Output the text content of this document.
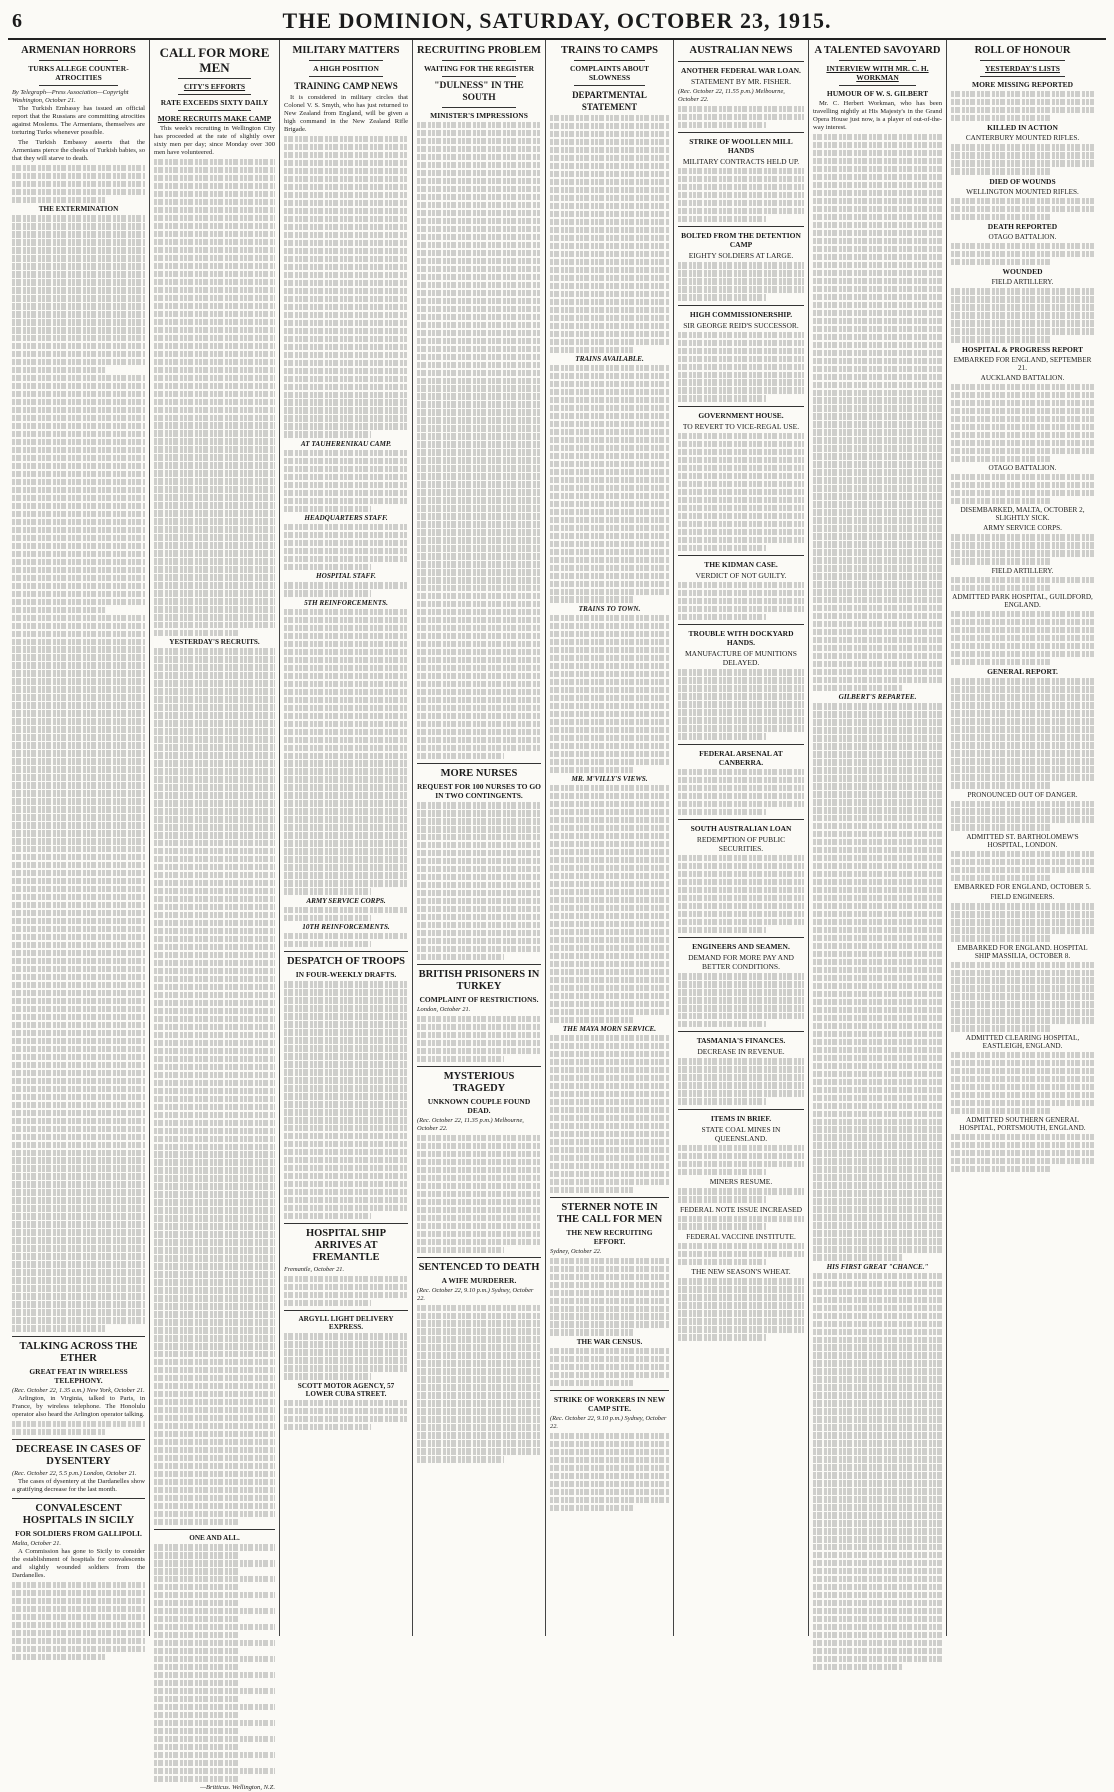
6	THE DOMINION, SATURDAY, OCTOBER 23, 1915.
ARMENIAN HORRORS
TURKS ALLEGE COUNTER-ATROCITIES
By Telegraph—Press Association—Copyright Washington, October 21.

The Turkish Embassy has issued an official report that the Russians are committing atrocities against Moslems. The Armenians, themselves are torturing Turks whenever possible.

The Turkish Embassy asserts that the Armenians pierce the cheeks of Turkish babies, so that they will starve to death.

THE EXTERMINATION
TALKING ACROSS THE ETHER
GREAT FEAT IN WIRELESS TELEPHONY.
(Rec. October 22, 1.35 a.m.) New York, October 21.

Arlington, in Virginia, talked to Paris, in France, by wireless telephone. The Honolulu operator also heard the Arlington operator talking.

DECREASE IN CASES OF DYSENTERY
(Rec. October 22, 5.5 p.m.) London, October 21.

The cases of dysentery at the Dardanelles show a gratifying decrease for the last month.

CONVALESCENT HOSPITALS IN SICILY
FOR SOLDIERS FROM GALLIPOLI.
Malta, October 21.

A Commission has gone to Sicily to consider the establishment of hospitals for convalescents and slightly wounded soldiers from the Dardanelles.

CALL FOR MORE MEN
CITY'S EFFORTS
RATE EXCEEDS SIXTY DAILY
MORE RECRUITS MAKE CAMP

This week's recruiting in Wellington City has proceeded at the rate of slightly over sixty men per day; since Monday over 300 men have volunteered.

YESTERDAY'S RECRUITS.
ONE AND ALL.
—Britticus. Wellington, N.Z.
MILITARY MATTERS
A HIGH POSITION
TRAINING CAMP NEWS

It is considered in military circles that Colonel V. S. Smyth, who has just returned to New Zealand from England, will be given a high command in the New Zealand Rifle Brigade.

AT TAUHERENIKAU CAMP.
HEADQUARTERS STAFF.
HOSPITAL STAFF.
5TH REINFORCEMENTS.
ARMY SERVICE CORPS.
10TH REINFORCEMENTS.
DESPATCH OF TROOPS
IN FOUR-WEEKLY DRAFTS.
HOSPITAL SHIP ARRIVES AT FREMANTLE
Fremantle, October 21.
ARGYLL LIGHT DELIVERY EXPRESS.
SCOTT MOTOR AGENCY, 57 LOWER CUBA STREET.
RECRUITING PROBLEM
WAITING FOR THE REGISTER
"DULNESS" IN THE SOUTH
MINISTER'S IMPRESSIONS
MORE NURSES
REQUEST FOR 100 NURSES TO GO IN TWO CONTINGENTS.
BRITISH PRISONERS IN TURKEY
COMPLAINT OF RESTRICTIONS.
London, October 21.
MYSTERIOUS TRAGEDY
UNKNOWN COUPLE FOUND DEAD.
(Rec. October 22, 11.35 p.m.) Melbourne, October 22.
SENTENCED TO DEATH
A WIFE MURDERER.
(Rec. October 22, 9.10 p.m.) Sydney, October 22.
TRAINS TO CAMPS
COMPLAINTS ABOUT SLOWNESS
DEPARTMENTAL STATEMENT
TRAINS AVAILABLE.
TRAINS TO TOWN.
MR. M'VILLY'S VIEWS.
THE MAYA MORN SERVICE.
STERNER NOTE IN THE CALL FOR MEN
THE NEW RECRUITING EFFORT.
Sydney, October 22.
THE WAR CENSUS.
STRIKE OF WORKERS IN NEW CAMP SITE.
(Rec. October 22, 9.10 p.m.) Sydney, October 22.
AUSTRALIAN NEWS
ANOTHER FEDERAL WAR LOAN.
STATEMENT BY MR. FISHER.
(Rec. October 22, 11.55 p.m.) Melbourne, October 22.
STRIKE OF WOOLLEN MILL HANDS
MILITARY CONTRACTS HELD UP.
BOLTED FROM THE DETENTION CAMP
EIGHTY SOLDIERS AT LARGE.
HIGH COMMISSIONERSHIP.
SIR GEORGE REID'S SUCCESSOR.
GOVERNMENT HOUSE.
TO REVERT TO VICE-REGAL USE.
THE KIDMAN CASE.
VERDICT OF NOT GUILTY.
TROUBLE WITH DOCKYARD HANDS.
MANUFACTURE OF MUNITIONS DELAYED.
FEDERAL ARSENAL AT CANBERRA.
SOUTH AUSTRALIAN LOAN
REDEMPTION OF PUBLIC SECURITIES.
ENGINEERS AND SEAMEN.
DEMAND FOR MORE PAY AND BETTER CONDITIONS.
TASMANIA'S FINANCES.
DECREASE IN REVENUE.
ITEMS IN BRIEF.
STATE COAL MINES IN QUEENSLAND.
MINERS RESUME.
FEDERAL NOTE ISSUE INCREASED
FEDERAL VACCINE INSTITUTE.
THE NEW SEASON'S WHEAT.
A TALENTED SAVOYARD
INTERVIEW WITH MR. C. H. WORKMAN
HUMOUR OF W. S. GILBERT

Mr. C. Herbert Workman, who has been travelling nightly at His Majesty's in the Grand Opera House just now, is a player of out-of-the-way interest.

GILBERT'S REPARTEE.
HIS FIRST GREAT "CHANCE."
ROLL OF HONOUR
YESTERDAY'S LISTS
MORE MISSING REPORTED
KILLED IN ACTION
CANTERBURY MOUNTED RIFLES.
DIED OF WOUNDS
WELLINGTON MOUNTED RIFLES.
DEATH REPORTED
OTAGO BATTALION.
WOUNDED
FIELD ARTILLERY.
HOSPITAL & PROGRESS REPORT
EMBARKED FOR ENGLAND, SEPTEMBER 21.
AUCKLAND BATTALION.
OTAGO BATTALION.
DISEMBARKED, MALTA, OCTOBER 2, SLIGHTLY SICK.
ARMY SERVICE CORPS.
FIELD ARTILLERY.
ADMITTED PARK HOSPITAL, GUILDFORD, ENGLAND.
GENERAL REPORT.
PRONOUNCED OUT OF DANGER.
ADMITTED ST. BARTHOLOMEW'S HOSPITAL, LONDON.
EMBARKED FOR ENGLAND, OCTOBER 5.
FIELD ENGINEERS.
EMBARKED FOR ENGLAND. HOSPITAL SHIP MASSILIA, OCTOBER 8.
ADMITTED CLEARING HOSPITAL, EASTLEIGH, ENGLAND.
ADMITTED SOUTHERN GENERAL HOSPITAL, PORTSMOUTH, ENGLAND.
